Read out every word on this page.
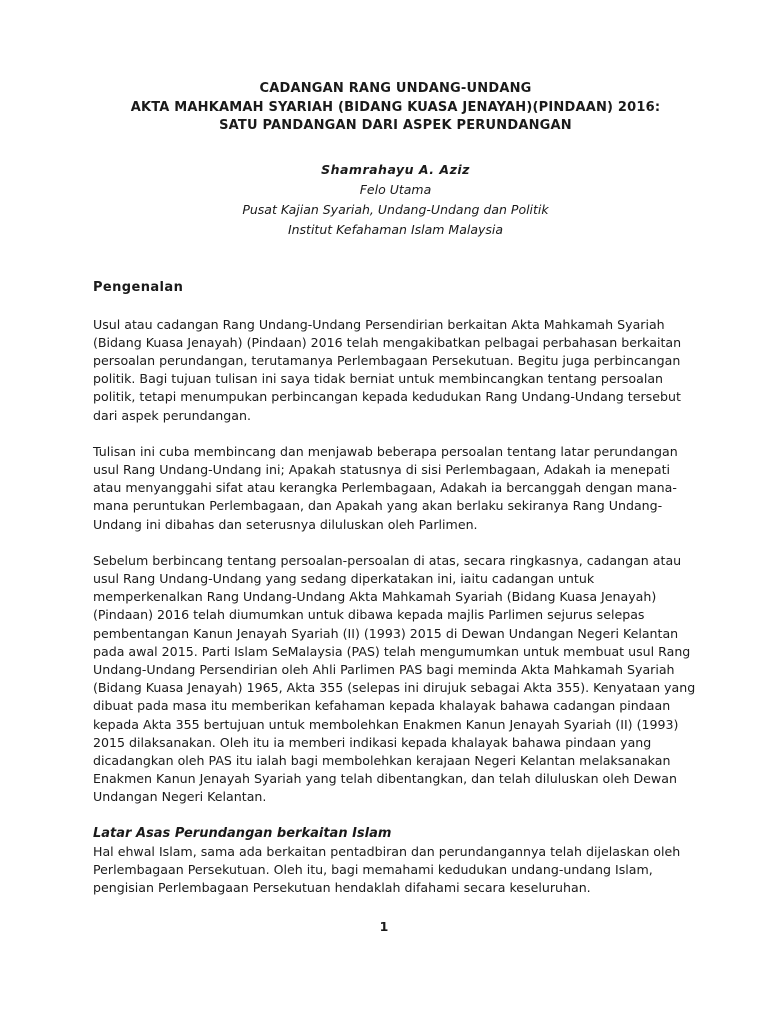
CADANGAN RANG UNDANG-UNDANG
AKTA MAHKAMAH SYARIAH (BIDANG KUASA JENAYAH)(PINDAAN) 2016:
SATU PANDANGAN DARI ASPEK PERUNDANGAN
Shamrahayu A. Aziz
Felo Utama
Pusat Kajian Syariah, Undang-Undang dan Politik
Institut Kefahaman Islam Malaysia
Pengenalan

Usul atau cadangan Rang Undang-Undang Persendirian berkaitan Akta Mahkamah Syariah (Bidang Kuasa Jenayah) (Pindaan) 2016 telah mengakibatkan pelbagai perbahasan berkaitan persoalan perundangan, terutamanya Perlembagaan Persekutuan. Begitu juga perbincangan politik. Bagi tujuan tulisan ini saya tidak berniat untuk membincangkan tentang persoalan politik, tetapi menumpukan perbincangan kepada kedudukan Rang Undang-Undang tersebut dari aspek perundangan.

Tulisan ini cuba membincang dan menjawab beberapa persoalan tentang latar perundangan usul Rang Undang-Undang ini; Apakah statusnya di sisi Perlembagaan, Adakah ia menepati atau menyanggahi sifat atau kerangka Perlembagaan, Adakah ia bercanggah dengan mana-mana peruntukan Perlembagaan, dan Apakah yang akan berlaku sekiranya Rang Undang-Undang ini dibahas dan seterusnya diluluskan oleh Parlimen.

Sebelum berbincang tentang persoalan-persoalan di atas, secara ringkasnya, cadangan atau usul Rang Undang-Undang yang sedang diperkatakan ini, iaitu cadangan untuk memperkenalkan Rang Undang-Undang Akta Mahkamah Syariah (Bidang Kuasa Jenayah) (Pindaan) 2016 telah diumumkan untuk dibawa kepada majlis Parlimen sejurus selepas pembentangan Kanun Jenayah Syariah (II) (1993) 2015 di Dewan Undangan Negeri Kelantan pada awal 2015. Parti Islam SeMalaysia (PAS) telah mengumumkan untuk membuat usul Rang Undang-Undang Persendirian oleh Ahli Parlimen PAS bagi meminda Akta Mahkamah Syariah (Bidang Kuasa Jenayah) 1965, Akta 355 (selepas ini dirujuk sebagai Akta 355). Kenyataan yang dibuat pada masa itu memberikan kefahaman kepada khalayak bahawa cadangan pindaan kepada Akta 355 bertujuan untuk membolehkan Enakmen Kanun Jenayah Syariah (II) (1993) 2015 dilaksanakan. Oleh itu ia memberi indikasi kepada khalayak bahawa pindaan yang dicadangkan oleh PAS itu ialah bagi membolehkan kerajaan Negeri Kelantan melaksanakan Enakmen Kanun Jenayah Syariah yang telah dibentangkan, dan telah diluluskan oleh Dewan Undangan Negeri Kelantan.

Latar Asas Perundangan berkaitan Islam

Hal ehwal Islam, sama ada berkaitan pentadbiran dan perundangannya telah dijelaskan oleh Perlembagaan Persekutuan. Oleh itu, bagi memahami kedudukan undang-undang Islam, pengisian Perlembagaan Persekutuan hendaklah difahami secara keseluruhan.

1
